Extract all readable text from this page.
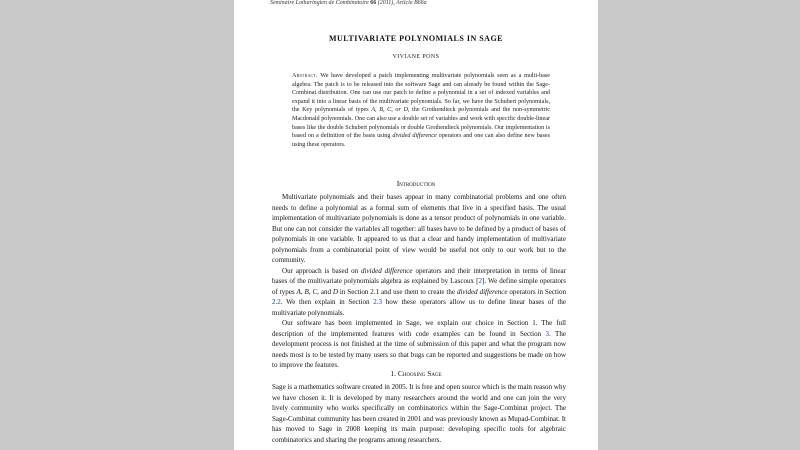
Séminaire Lotharingien de Combinatoire 66 (2011), Article B66a
MULTIVARIATE POLYNOMIALS IN SAGE
VIVIANE PONS
Abstract. We have developed a patch implementing multivariate polynomials seen as a multi-base algebra. The patch is to be released into the software Sage and can already be found within the Sage-Combinat distribution. One can use our patch to define a polynomial in a set of indexed variables and expand it into a linear basis of the multivariate polynomials. So far, we have the Schubert polynomials, the Key polynomials of types A, B, C, or D, the Grothendieck polynomials and the non-symmetric Macdonald polynomials. One can also use a double set of variables and work with specific double-linear bases like the double Schubert polynomials or double Grothendieck polynomials. Our implementation is based on a definition of the basis using divided difference operators and one can also define new bases using these operators.
Introduction

Multivariate polynomials and their bases appear in many combinatorial problems and one often needs to define a polynomial as a formal sum of elements that live in a specified basis. The usual implementation of multivariate polynomials is done as a tensor product of polynomials in one variable. But one can not consider the variables all together: all bases have to be defined by a product of bases of polynomials in one variable. It appeared to us that a clear and handy implementation of multivariate polynomials from a combinatorial point of view would be useful not only to our work but to the community.

Our approach is based on divided difference operators and their interpretation in terms of linear bases of the multivariate polynomials algebra as explained by Lascoux [2]. We define simple operators of types A, B, C, and D in Section 2.1 and use them to create the divided difference operators in Section 2.2. We then explain in Section 2.3 how these operators allow us to define linear bases of the multivariate polynomials.

Our software has been implemented in Sage, we explain our choice in Section 1. The full description of the implemented features with code examples can be found in Section 3. The development process is not finished at the time of submission of this paper and what the program now needs most is to be tested by many users so that bugs can be reported and suggestions be made on how to improve the features.

1. Choosing Sage

Sage is a mathematics software created in 2005. It is free and open source which is the main reason why we have chosen it. It is developed by many researchers around the world and one can join the very lively community who works specifically on combinatorics within the Sage-Combinat project. The Sage-Combinat community has been created in 2001 and was previously known as Mupad-Combinat. It has moved to Sage in 2008 keeping its main purpose: developing specific tools for algebraic combinatorics and sharing the programs among researchers.
